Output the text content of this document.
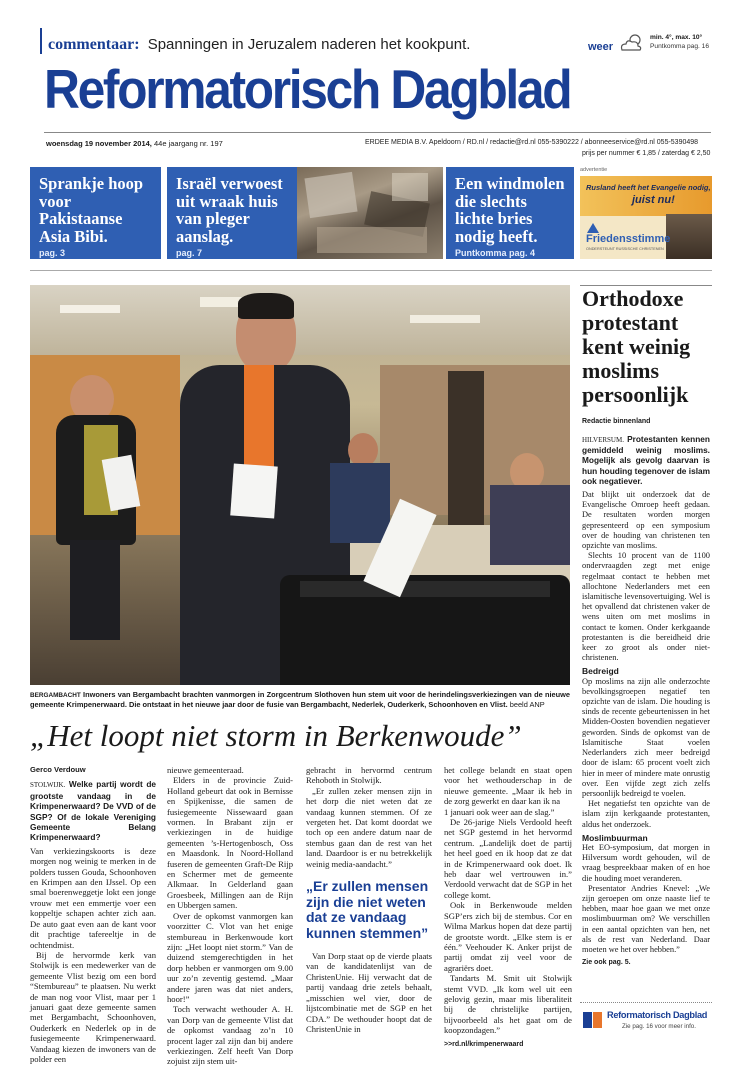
commentaar: Spanningen in Jeruzalem naderen het kookpunt.	weer
min. 4°, max. 10°
Puntkomma pag. 16
Reformatorisch Dagblad
woensdag 19 november 2014, 44e jaargang nr. 197	ERDEE MEDIA B.V. Apeldoorn / RD.nl / redactie@rd.nl 055-5390222 / abonneeservice@rd.nl 055-5390498
prijs per nummer € 1,85 / zaterdag € 2,50
Sprankje hoop voor Pakistaanse Asia Bibi.
pag. 3
Israël verwoest uit wraak huis van pleger aanslag.
pag. 7
Een windmolen die slechts lichte bries nodig heeft.
Puntkomma pag. 4
advertentie
Rusland heeft het Evangelie nodig,
juist nu!
Friedensstimme
ONDERSTEUNT RUSSISCHE CHRISTENEN
BERGAMBACHT Inwoners van Bergambacht brachten vanmorgen in Zorgcentrum Slothoven hun stem uit voor de herindelingsverkiezingen van de nieuwe gemeente Krimpenerwaard. Die ontstaat in het nieuwe jaar door de fusie van Bergambacht, Nederlek, Ouderkerk, Schoonhoven en Vlist. beeld ANP
„Het loopt niet storm in Berkenwoude”

Gerco Verdouw

STOLWIJK. Welke partij wordt de grootste vandaag in de Krimpenerwaard? De VVD of de SGP? Of de lokale Vereniging Gemeente Belang Krimpenerwaard?

Van verkiezingskoorts is deze morgen nog weinig te merken in de polders tussen Gouda, Schoonhoven en Krimpen aan den IJssel. Op een smal boerenweggetje lokt een jonge vrouw met een emmertje voer een koppeltje schapen achter zich aan. De auto gaat even aan de kant voor dit prachtige tafereeltje in de ochtendmist.

Bij de hervormde kerk van Stolwijk is een medewerker van de gemeente Vlist bezig om een bord “Stembureau” te plaatsen. Nu werkt de man nog voor Vlist, maar per 1 januari gaat deze gemeente samen met Bergambacht, Schoonhoven, Ouderkerk en Nederlek op in de fusiegemeente Krimpenerwaard. Vandaag kiezen de inwoners van de polder een

nieuwe gemeenteraad.

Elders in de provincie Zuid-Holland gebeurt dat ook in Bernisse en Spijkenisse, die samen de fusiegemeente Nissewaard gaan vormen. In Brabant zijn er verkiezingen in de huidige gemeenten ’s-Hertogenbosch, Oss en Maasdonk. In Noord-Holland fuseren de gemeenten Graft-De Rijp en Schermer met de gemeente Alkmaar. In Gelderland gaan Groesbeek, Millingen aan de Rijn en Ubbergen samen.

Over de opkomst vanmorgen kan voorzitter C. Vlot van het enige stembureau in Berkenwoude kort zijn: „Het loopt niet storm.” Van de duizend stemgerechtigden in het dorp hebben er vanmorgen om 9.00 uur zo’n zeventig gestemd. „Maar andere jaren was dat niet anders, hoor!”

Toch verwacht wethouder A. H. van Dorp van de gemeente Vlist dat de opkomst vandaag zo’n 10 procent lager zal zijn dan bij andere verkiezingen. Zelf heeft Van Dorp zojuist zijn stem uit-

gebracht in hervormd centrum Rehoboth in Stolwijk.

„Er zullen zeker mensen zijn in het dorp die niet weten dat ze vandaag kunnen stemmen. Of ze vergeten het. Dat komt doordat we toch op een andere datum naar de stembus gaan dan de rest van het land. Daardoor is er nu betrekkelijk weinig media-aandacht.”

„Er zullen mensen zijn die niet weten dat ze vandaag kunnen stemmen”

Van Dorp staat op de vierde plaats van de kandidatenlijst van de ChristenUnie. Hij verwacht dat de partij vandaag drie zetels behaalt, „misschien wel vier, door de lijstcombinatie met de SGP en het CDA.” De wethouder hoopt dat de ChristenUnie in

het college belandt en staat open voor het wethouderschap in de nieuwe gemeente. „Maar ik heb in de zorg gewerkt en daar kan ik na

1 januari ook weer aan de slag.”

De 26-jarige Niels Verdoold heeft net SGP gestemd in het hervormd centrum. „Landelijk doet de partij het heel goed en ik hoop dat ze dat in de Krimpenerwaard ook doet. Ik heb daar wel vertrouwen in.” Verdoold verwacht dat de SGP in het college komt.

Ook in Berkenwoude melden SGP’ers zich bij de stembus. Cor en Wilma Markus hopen dat deze partij de grootste wordt. „Elke stem is er één.” Veehouder K. Anker prijst de partij omdat zij veel voor de agrariërs doet.

Tandarts M. Smit uit Stolwijk stemt VVD. „Ik kom wel uit een gelovig gezin, maar mis liberaliteit bij de christelijke partijen, bijvoorbeeld als het gaat om de koopzondagen.”

>>rd.nl/krimpenerwaard

Orthodoxe protestant kent weinig moslims persoonlijk
Redactie binnenland

HILVERSUM. Protestanten kennen gemiddeld weinig moslims. Mogelijk als gevolg daarvan is hun houding tegenover de islam ook negatiever.

Dat blijkt uit onderzoek dat de Evangelische Omroep heeft gedaan. De resultaten worden morgen gepresenteerd op een symposium over de houding van christenen ten opzichte van moslims.

Slechts 10 procent van de 1100 ondervraagden zegt met enige regelmaat contact te hebben met allochtone Nederlanders met een islamitische levensovertuiging. Wel is het opvallend dat christenen vaker de wens uiten om met moslims in contact te komen. Onder kerkgaande protestanten is die bereidheid drie keer zo groot als onder niet-christenen.

Bedreigd

Op moslims na zijn alle onderzochte bevolkingsgroepen negatief ten opzichte van de islam. Die houding is sinds de recente gebeurtenissen in het Midden-Oosten bovendien negatiever geworden. Sinds de opkomst van de Islamitische Staat voelen Nederlanders zich meer bedreigd door de islam: 65 procent voelt zich hier in meer of mindere mate onrustig over. Een vijfde zegt zich zelfs persoonlijk bedreigd te voelen.

Het negatiefst ten opzichte van de islam zijn kerkgaande protestanten, aldus het onderzoek.

Moslimbuurman

Het EO-symposium, dat morgen in Hilversum wordt gehouden, wil de vraag bespreekbaar maken of en hoe die houding moet veranderen.

Presentator Andries Knevel: „We zijn geroepen om onze naaste lief te hebben, maar hoe gaan we met onze moslimbuurman om? We verschillen in een aantal opzichten van hen, net als de rest van Nederland. Daar moeten we het over hebben.”

Zie ook pag. 5.

Reformatorisch Dagblad
Zie pag. 16 voor meer info.
